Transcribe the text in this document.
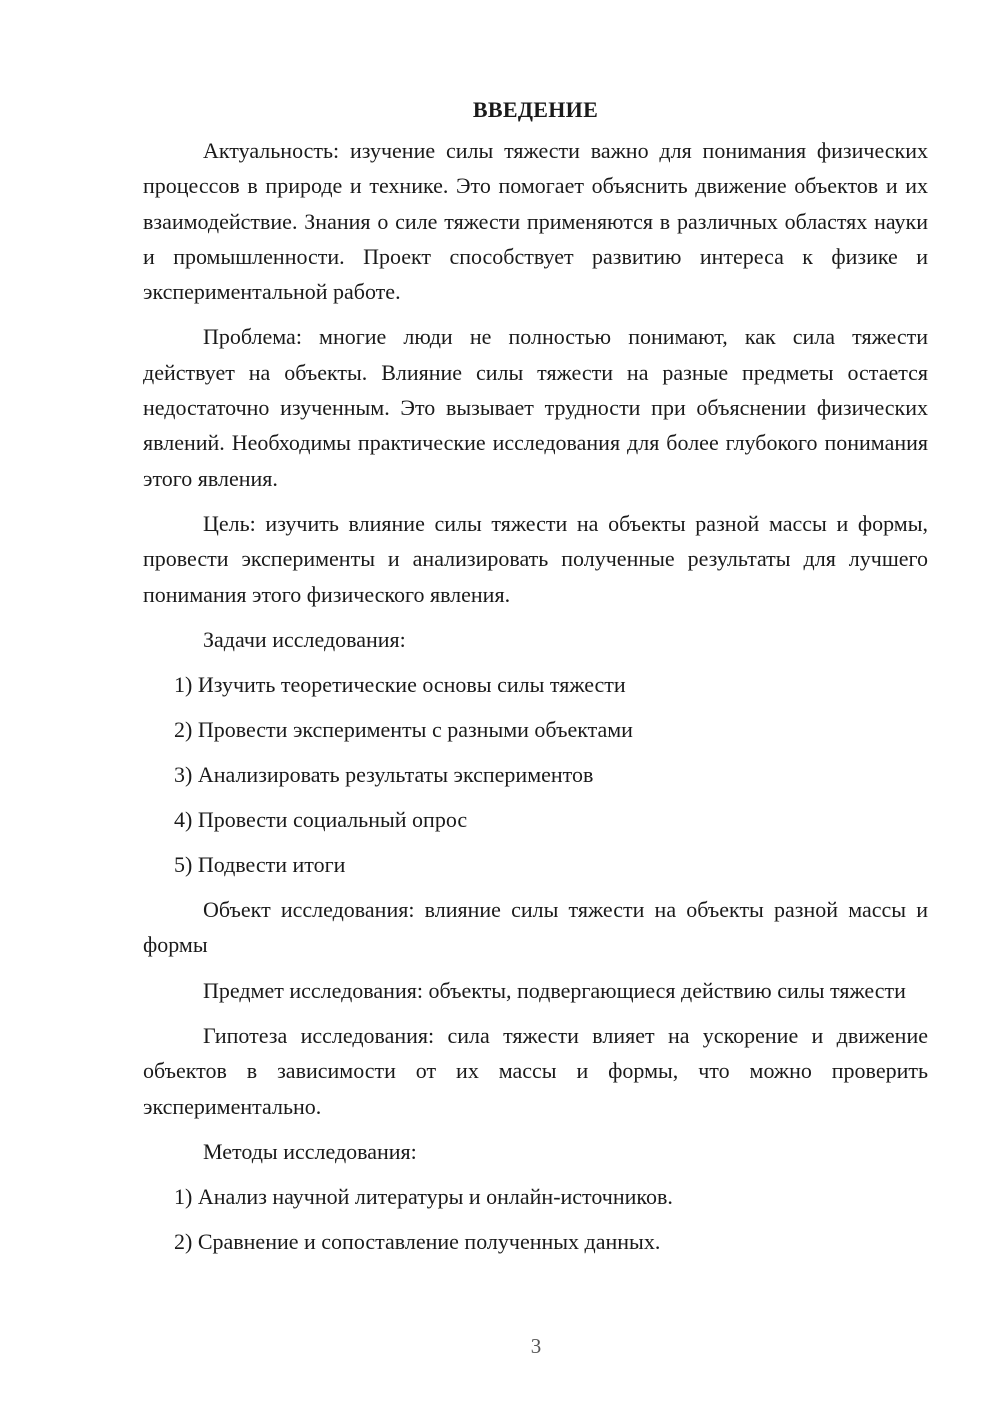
ВВЕДЕНИЕ

Актуальность: изучение силы тяжести важно для понимания физических процессов в природе и технике. Это помогает объяснить движение объектов и их взаимодействие. Знания о силе тяжести применяются в различных областях науки и промышленности. Проект способствует развитию интереса к физике и экспериментальной работе.

Проблема: многие люди не полностью понимают, как сила тяжести действует на объекты. Влияние силы тяжести на разные предметы остается недостаточно изученным. Это вызывает трудности при объяснении физических явлений. Необходимы практические исследования для более глубокого понимания этого явления.

Цель: изучить влияние силы тяжести на объекты разной массы и формы, провести эксперименты и анализировать полученные результаты для лучшего понимания этого физического явления.

Задачи исследования:

1) Изучить теоретические основы силы тяжести
2) Провести эксперименты с разными объектами
3) Анализировать результаты экспериментов
4) Провести социальный опрос
5) Подвести итоги

Объект исследования: влияние силы тяжести на объекты разной массы и формы

Предмет исследования: объекты, подвергающиеся действию силы тяжести

Гипотеза исследования: сила тяжести влияет на ускорение и движение объектов в зависимости от их массы и формы, что можно проверить экспериментально.

Методы исследования:

1) Анализ научной литературы и онлайн-источников.
2) Сравнение и сопоставление полученных данных.
3
